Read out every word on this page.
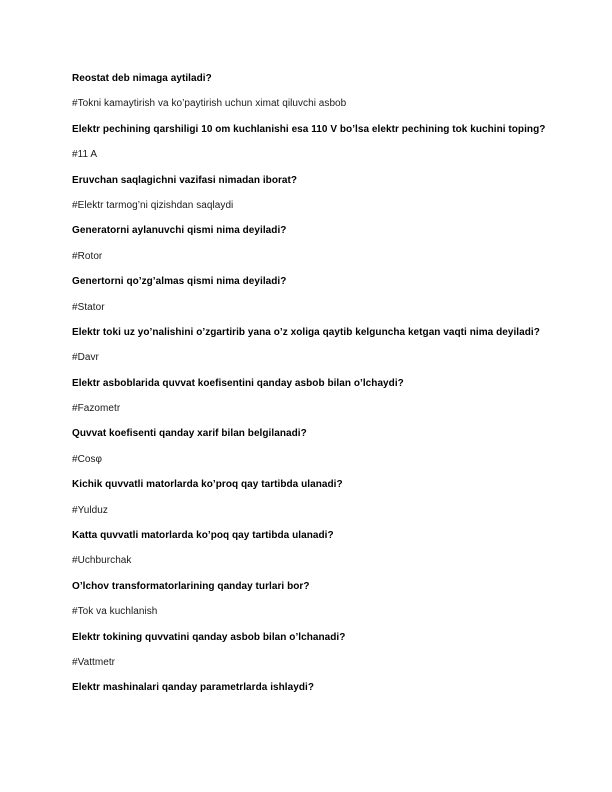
Reostat deb nimaga aytiladi?
#Tokni kamaytirish va ko’paytirish uchun ximat qiluvchi asbob
Elektr pechining qarshiligi 10 om kuchlanishi esa 110 V bo’lsa elektr pechining tok kuchini toping?
#11 A
Eruvchan saqlagichni vazifasi nimadan iborat?
#Elektr tarmog’ni qizishdan saqlaydi
Generatorni aylanuvchi qismi nima deyiladi?
#Rotor
Genertorni qo’zg’almas qismi nima deyiladi?
#Stator
Elektr toki uz yo’nalishini o’zgartirib yana o’z xoliga qaytib kelguncha ketgan vaqti nima deyiladi?
#Davr
Elektr asboblarida quvvat koefisentini qanday asbob bilan o’lchaydi?
#Fazometr
Quvvat koefisenti qanday xarif bilan belgilanadi?
#Cosφ
Kichik quvvatli matorlarda ko’proq qay tartibda ulanadi?
#Yulduz
Katta quvvatli matorlarda ko’poq qay tartibda ulanadi?
#Uchburchak
O’lchov transformatorlarining qanday turlari bor?
#Tok va kuchlanish
Elektr tokining quvvatini qanday asbob bilan o’lchanadi?
#Vattmetr
Elektr mashinalari qanday parametrlarda ishlaydi?
